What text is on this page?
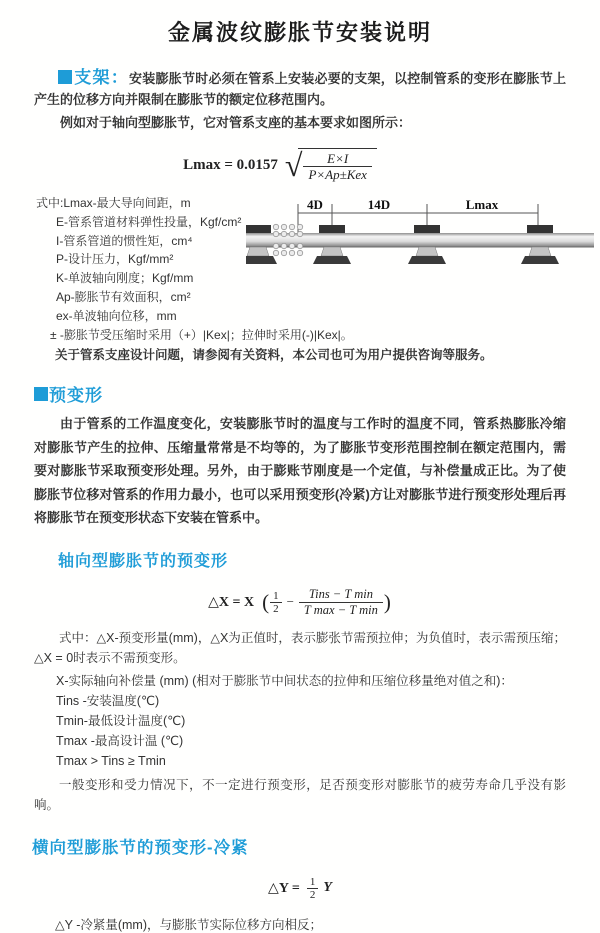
金属波纹膨胀节安装说明

支架：安装膨胀节时必须在管系上安装必要的支架，以控制管系的变形在膨胀节上产生的位移方向并限制在膨胀节的额定位移范围内。

例如对于轴向型膨胀节，它对管系支座的基本要求如图所示：

Lmax = 0.0157 √ $\frac{E\times I}{\text{P×Ap±Kex}}$
式中:Lmax-最大导向间距，m
E-管系管道材料弹性投量，Kgf/cm²
I-管系管道的惯性矩，cm⁴
P-设计压力，Kgf/mm²
K-单波轴向刚度；Kgf/mm
Ap-膨胀节有效面积，cm²
ex-单波轴向位移，mm
± -膨胀节受压缩时采用（+）|Kex|；拉伸时采用(-)|Kex|。
关于管系支座设计问题，请参阅有关资料，本公司也可为用户提供咨询等服务。
4D	14D	Lmax
预变形

由于管系的工作温度变化，安装膨胀节时的温度与工作时的温度不同，管系热膨胀冷缩对膨胀节产生的拉伸、压缩量常常是不均等的，为了膨胀节变形范围控制在额定范围内，需要对膨胀节采取预变形处理。另外，由于膨账节刚度是一个定值，与补偿量成正比。为了使膨胀节位移对管系的作用力最小，也可以采用预变形(冷紧)方让对膨胀节进行预变形处理后再将膨胀节在预变形状态下安装在管系中。

轴向型膨胀节的预变形
△X = X ( $\frac{1}{2} - \frac{\text{Tins − T min}}{\text{T max − T min}}$ )

式中：△X-预变形量(mm)，△X为正值时，表示膨张节需预拉伸；为负值时，表示需预压缩；△X = 0时表示不需预变形。

X-实际轴向补偿量 (mm) (相对于膨胀节中间状态的拉伸和压缩位移量绝对值之和)：
Tins -安装温度(℃)
Tmin-最低设计温度(℃)
Tmax -最高设计温 (℃)
Tmax > Tins ≥ Tmin

一般变形和受力情况下，不一定进行预变形，足否预变形对膨胀节的疲劳寿命几乎没有影响。

横向型膨胀节的预变形-冷紧
△Y = $\frac{1}{2}$ Y
△Y -冷紧量(mm)，与膨胀节实际位移方向相反；
